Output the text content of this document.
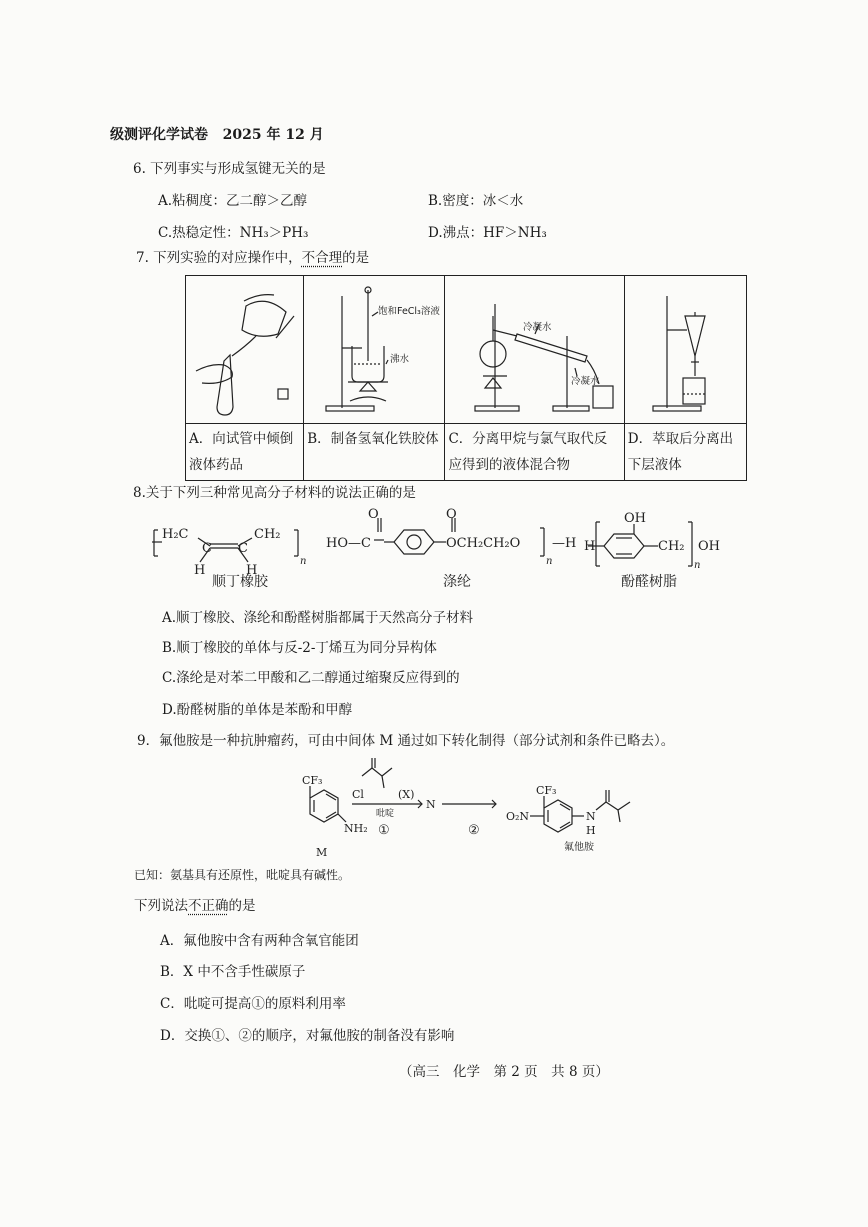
级测评化学试卷 2025 年 12 月
6. 下列事实与形成氢键无关的是
A.粘稠度：乙二醇＞乙醇	B.密度：冰＜水
C.热稳定性：NH₃＞PH₃	D.沸点：HF＞NH₃
7. 下列实验的对应操作中，不合理的是

饱和FeCl₃溶液
沸水	冷凝水
冷凝水

A．向试管中倾倒液体药品	B．制备氢氧化铁胶体	C．分离甲烷与氯气取代反应得到的液体混合物	D．萃取后分离出下层液体
8.关于下列三种常见高分子材料的说法正确的是
H₂C	CH₂
H	H
C C
n
O	O
HO—C	OCH₂CH₂O
n
—H H
OH
CH₂
n
OH
顺丁橡胶	涤纶	酚醛树脂
A.顺丁橡胶、涤纶和酚醛树脂都属于天然高分子材料
B.顺丁橡胶的单体与反-2-丁烯互为同分异构体
C.涤纶是对苯二甲酸和乙二醇通过缩聚反应得到的
D.酚醛树脂的单体是苯酚和甲醇
9．氟他胺是一种抗肿瘤药，可由中间体 M 通过如下转化制得（部分试剂和条件已略去）。
CF₃
NH₂
M
Cl	(X)
吡啶
①
N
②
CF₃
O₂N	N
H
氟他胺
已知：氨基具有还原性，吡啶具有碱性。
下列说法不正确的是
A．氟他胺中含有两种含氧官能团
B．X 中不含手性碳原子
C．吡啶可提高①的原料利用率
D．交换①、②的顺序，对氟他胺的制备没有影响
（高三　化学　第 2 页　共 8 页）
